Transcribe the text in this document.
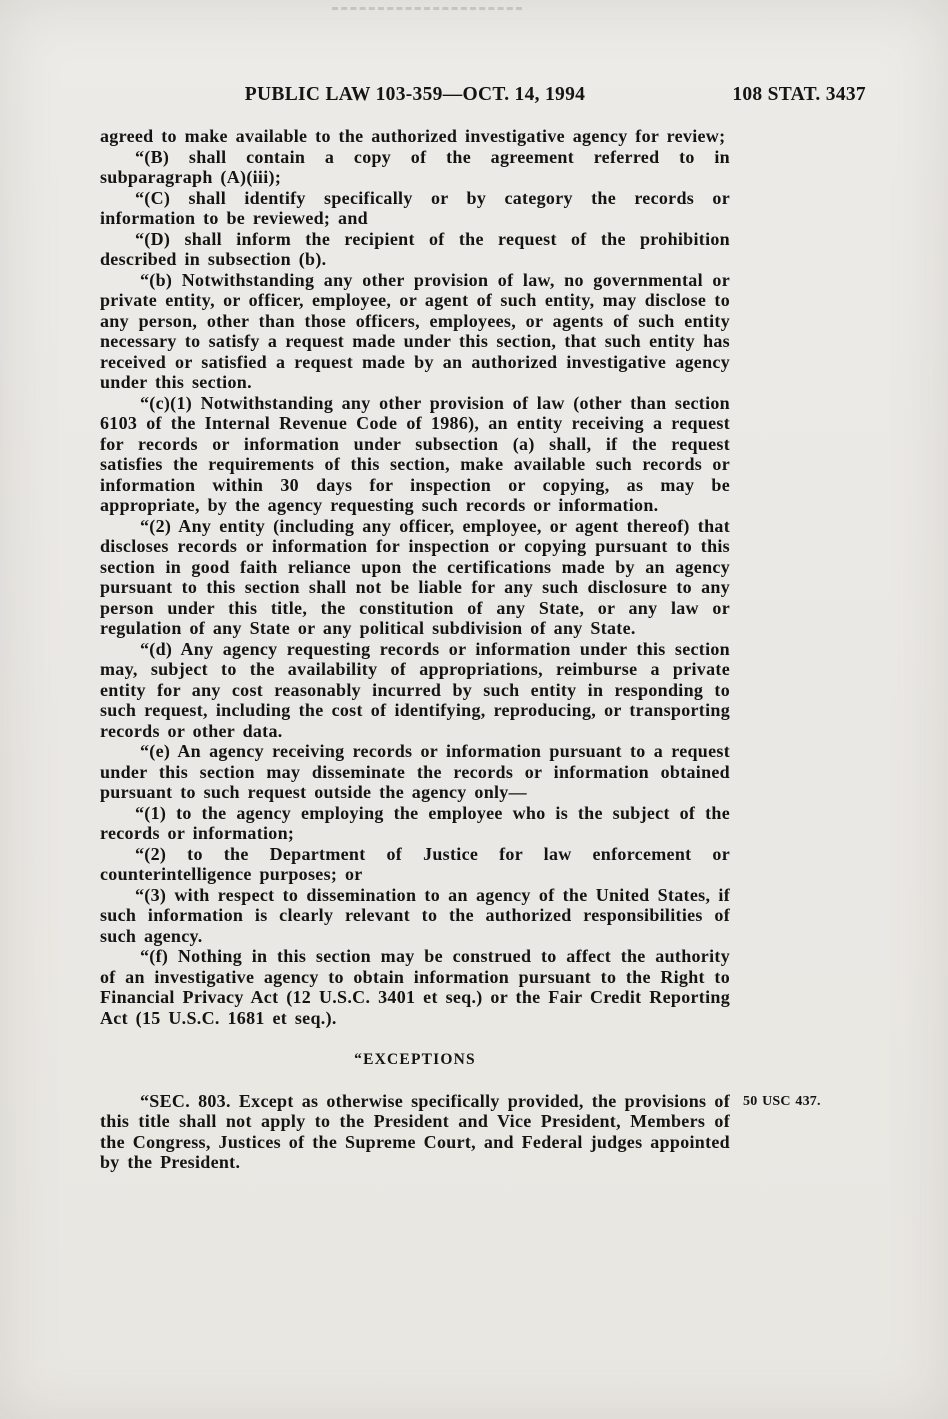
PUBLIC LAW 103-359—OCT. 14, 1994	108 STAT. 3437

agreed to make available to the authorized investigative agency for review;

“(B) shall contain a copy of the agreement referred to in subparagraph (A)(iii);

“(C) shall identify specifically or by category the records or information to be reviewed; and

“(D) shall inform the recipient of the request of the prohibition described in subsection (b).

“(b) Notwithstanding any other provision of law, no governmental or private entity, or officer, employee, or agent of such entity, may disclose to any person, other than those officers, employees, or agents of such entity necessary to satisfy a request made under this section, that such entity has received or satisfied a request made by an authorized investigative agency under this section.

“(c)(1) Notwithstanding any other provision of law (other than section 6103 of the Internal Revenue Code of 1986), an entity receiving a request for records or information under subsection (a) shall, if the request satisfies the requirements of this section, make available such records or information within 30 days for inspection or copying, as may be appropriate, by the agency requesting such records or information.

“(2) Any entity (including any officer, employee, or agent thereof) that discloses records or information for inspection or copying pursuant to this section in good faith reliance upon the certifications made by an agency pursuant to this section shall not be liable for any such disclosure to any person under this title, the constitution of any State, or any law or regulation of any State or any political subdivision of any State.

“(d) Any agency requesting records or information under this section may, subject to the availability of appropriations, reimburse a private entity for any cost reasonably incurred by such entity in responding to such request, including the cost of identifying, reproducing, or transporting records or other data.

“(e) An agency receiving records or information pursuant to a request under this section may disseminate the records or information obtained pursuant to such request outside the agency only—

“(1) to the agency employing the employee who is the subject of the records or information;

“(2) to the Department of Justice for law enforcement or counterintelligence purposes; or

“(3) with respect to dissemination to an agency of the United States, if such information is clearly relevant to the authorized responsibilities of such agency.

“(f) Nothing in this section may be construed to affect the authority of an investigative agency to obtain information pursuant to the Right to Financial Privacy Act (12 U.S.C. 3401 et seq.) or the Fair Credit Reporting Act (15 U.S.C. 1681 et seq.).

“EXCEPTIONS

“SEC. 803. Except as otherwise specifically provided, the provisions of this title shall not apply to the President and Vice President, Members of the Congress, Justices of the Supreme Court, and Federal judges appointed by the President.

50 USC 437.
